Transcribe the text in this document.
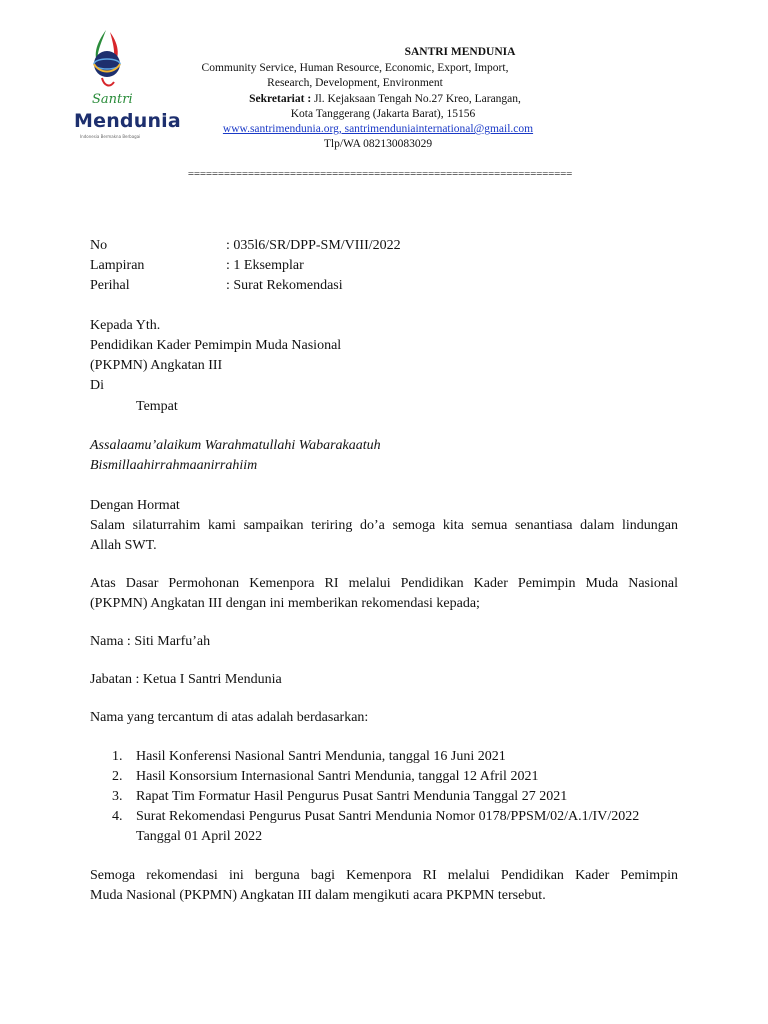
Santri
Mendunia
Indonesia Bermakna Berbagai
SANTRI MENDUNIA
Community Service, Human Resource, Economic, Export, Import,
Research, Development, Environment
Sekretariat : Jl. Kejaksaan Tengah No.27 Kreo, Larangan,
Kota Tanggerang (Jakarta Barat), 15156
www.santrimendunia.org, santrimenduniainternational@gmail.com
Tlp/WA 082130083029
================================================================
No	: 035l6/SR/DPP-SM/VIII/2022
Lampiran	: 1 Eksemplar
Perihal	: Surat Rekomendasi
Kepada Yth.
Pendidikan Kader Pemimpin Muda Nasional
(PKPMN) Angkatan III
Di
Tempat
Assalaamu’alaikum Warahmatullahi Wabarakaatuh
Bismillaahirrahmaanirrahiim
Dengan Hormat
Salam silaturrahim kami sampaikan teriring do’a semoga kita semua senantiasa dalam lindungan
Allah SWT.
Atas Dasar Permohonan Kemenpora RI melalui Pendidikan Kader Pemimpin Muda Nasional
(PKPMN) Angkatan III dengan ini memberikan rekomendasi kepada;
Nama : Siti Marfu’ah
Jabatan : Ketua I Santri Mendunia
Nama yang tercantum di atas adalah berdasarkan:
1. Hasil Konferensi Nasional Santri Mendunia, tanggal 16 Juni 2021
2. Hasil Konsorsium Internasional Santri Mendunia, tanggal 12 Afril 2021
3. Rapat Tim Formatur Hasil Pengurus Pusat Santri Mendunia Tanggal 27 2021
4. Surat Rekomendasi Pengurus Pusat Santri Mendunia Nomor 0178/PPSM/02/A.1/IV/2022
Tanggal 01 April 2022
Semoga rekomendasi ini berguna bagi Kemenpora RI melalui Pendidikan Kader Pemimpin
Muda Nasional (PKPMN) Angkatan III dalam mengikuti acara PKPMN tersebut.
